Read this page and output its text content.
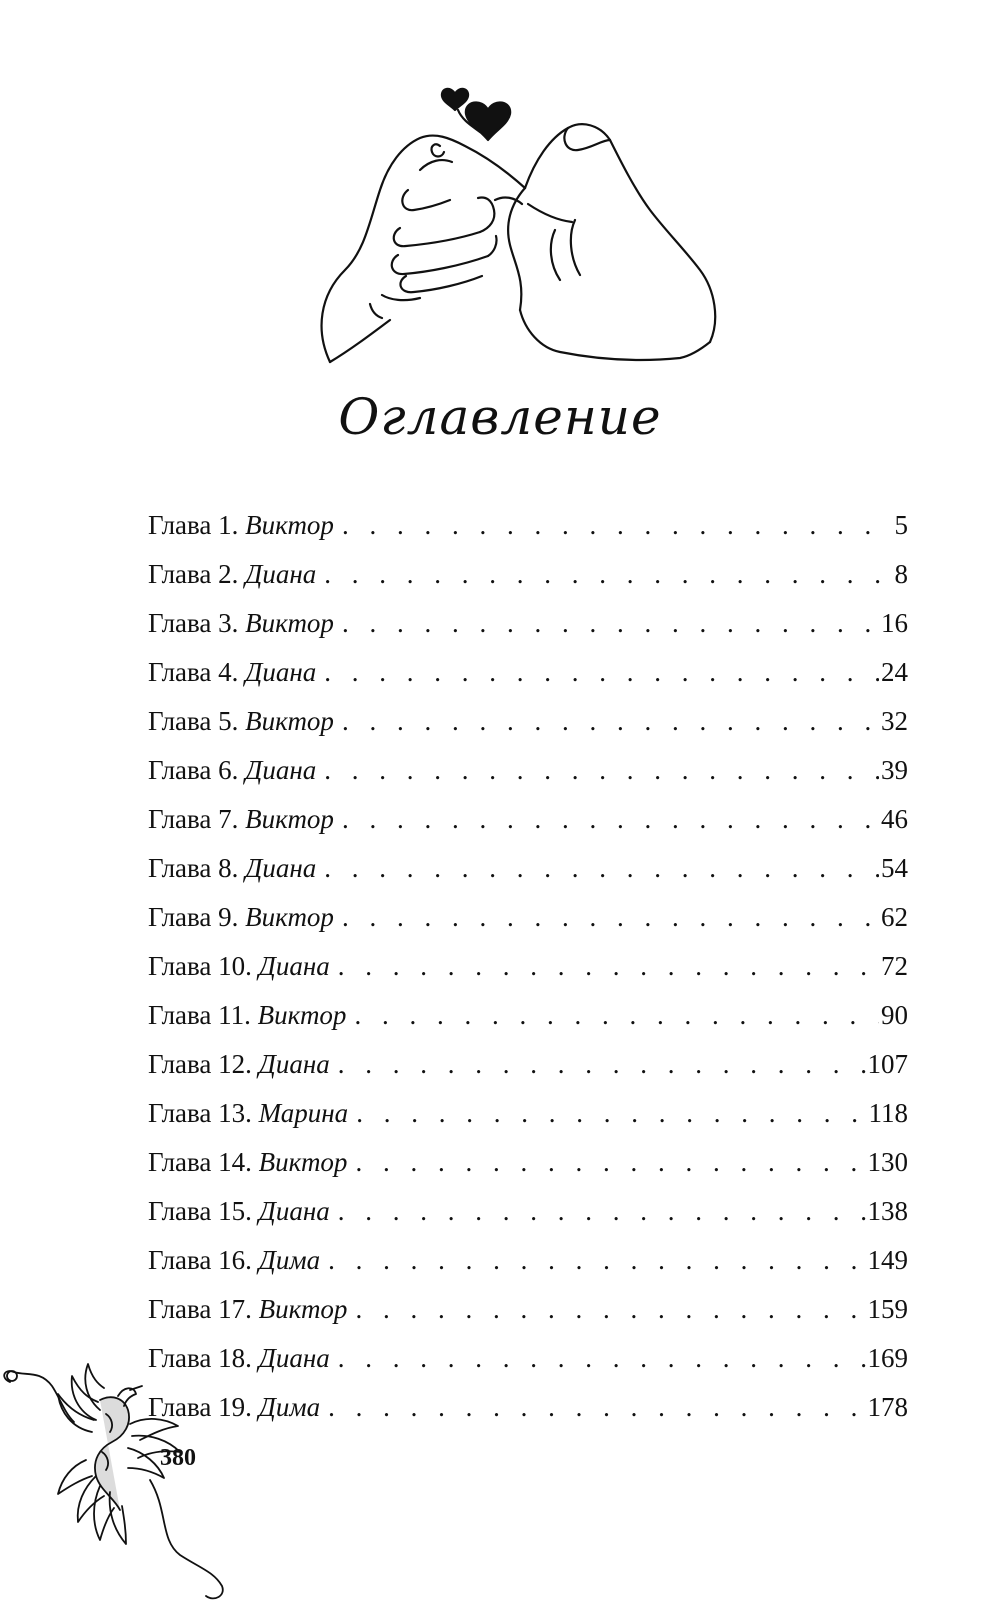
Оглавление
Глава 1. Виктор . . .	5
Глава 2. Диана . . .	8
Глава 3. Виктор . . .	16
Глава 4. Диана . . .	24
Глава 5. Виктор . . .	32
Глава 6. Диана . . .	39
Глава 7. Виктор . . .	46
Глава 8. Диана . . .	54
Глава 9. Виктор . . .	62
Глава 10. Диана . . .	72
Глава 11. Виктор . . .	90
Глава 12. Диана . . .	107
Глава 13. Марина . . .	118
Глава 14. Виктор . . .	130
Глава 15. Диана . . .	138
Глава 16. Дима . . .	149
Глава 17. Виктор . . .	159
Глава 18. Диана . . .	169
Глава 19. Дима . . .	178
380
